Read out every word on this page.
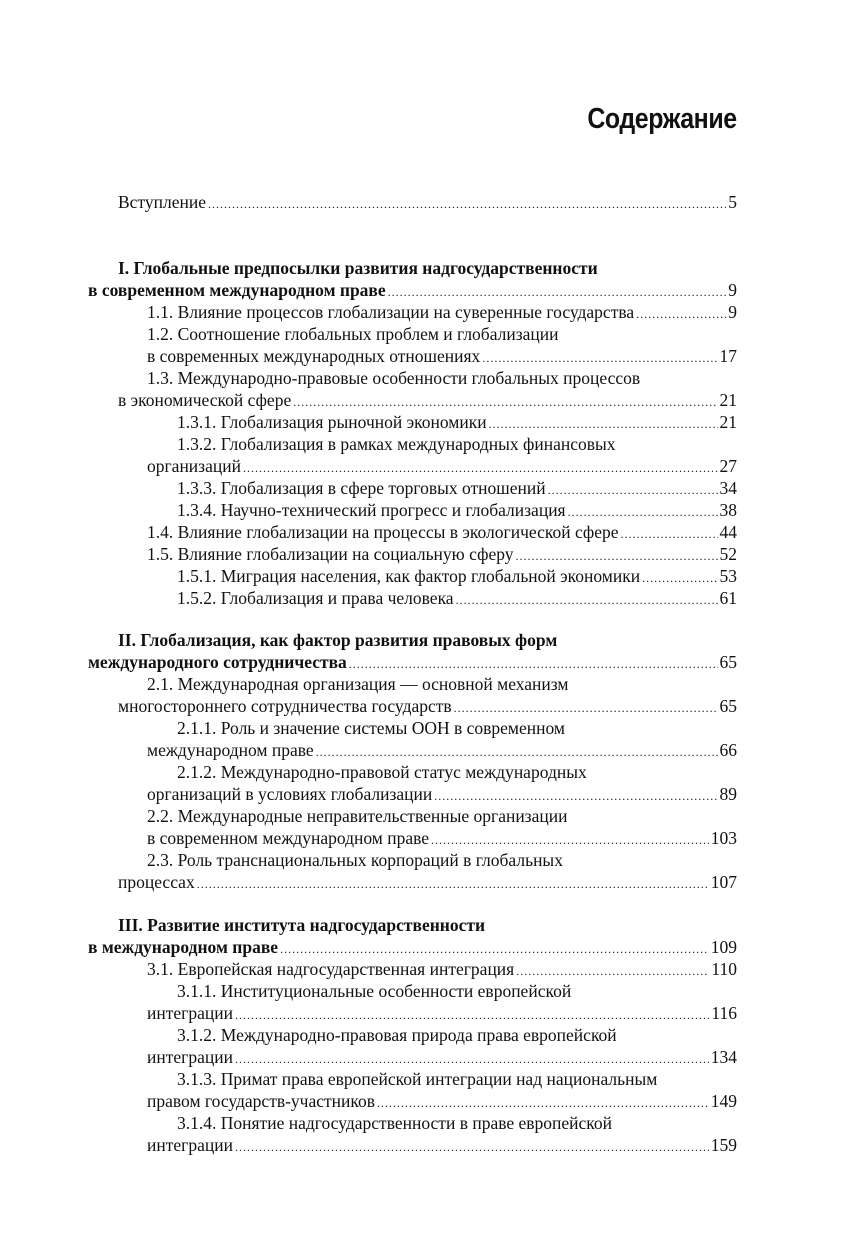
Содержание
Вступление .....	5
I. Глобальные предпосылки развития надгосударственности
в современном международном праве .....	9
1.1. Влияние процессов глобализации на суверенные государства .....	9
1.2. Соотношение глобальных проблем и глобализации
в современных международных отношениях .....	17
1.3. Международно-правовые особенности глобальных процессов
в экономической сфере .....	21
1.3.1. Глобализация рыночной экономики .....	21
1.3.2. Глобализация в рамках международных финансовых
организаций .....	27
1.3.3. Глобализация в сфере торговых отношений .....	34
1.3.4. Научно-технический прогресс и глобализация .....	38
1.4. Влияние глобализации на процессы в экологической сфере .....	44
1.5. Влияние глобализации на социальную сферу .....	52
1.5.1. Миграция населения, как фактор глобальной экономики .....	53
1.5.2. Глобализация и права человека .....	61
II. Глобализация, как фактор развития правовых форм
международного сотрудничества .....	65
2.1. Международная организация — основной механизм
многостороннего сотрудничества государств .....	65
2.1.1. Роль и значение системы ООН в современном
международном праве .....	66
2.1.2. Международно-правовой статус международных
организаций в условиях глобализации .....	89
2.2. Международные неправительственные организации
в современном международном праве .....	103
2.3. Роль транснациональных корпораций в глобальных
процессах .....	107
III. Развитие института надгосударственности
в международном праве .....	109
3.1. Европейская надгосударственная интеграция .....	110
3.1.1. Институциональные особенности европейской
интеграции .....	116
3.1.2. Международно-правовая природа права европейской
интеграции .....	134
3.1.3. Примат права европейской интеграции над национальным
правом государств-участников .....	149
3.1.4. Понятие надгосударственности в праве европейской
интеграции .....	159
